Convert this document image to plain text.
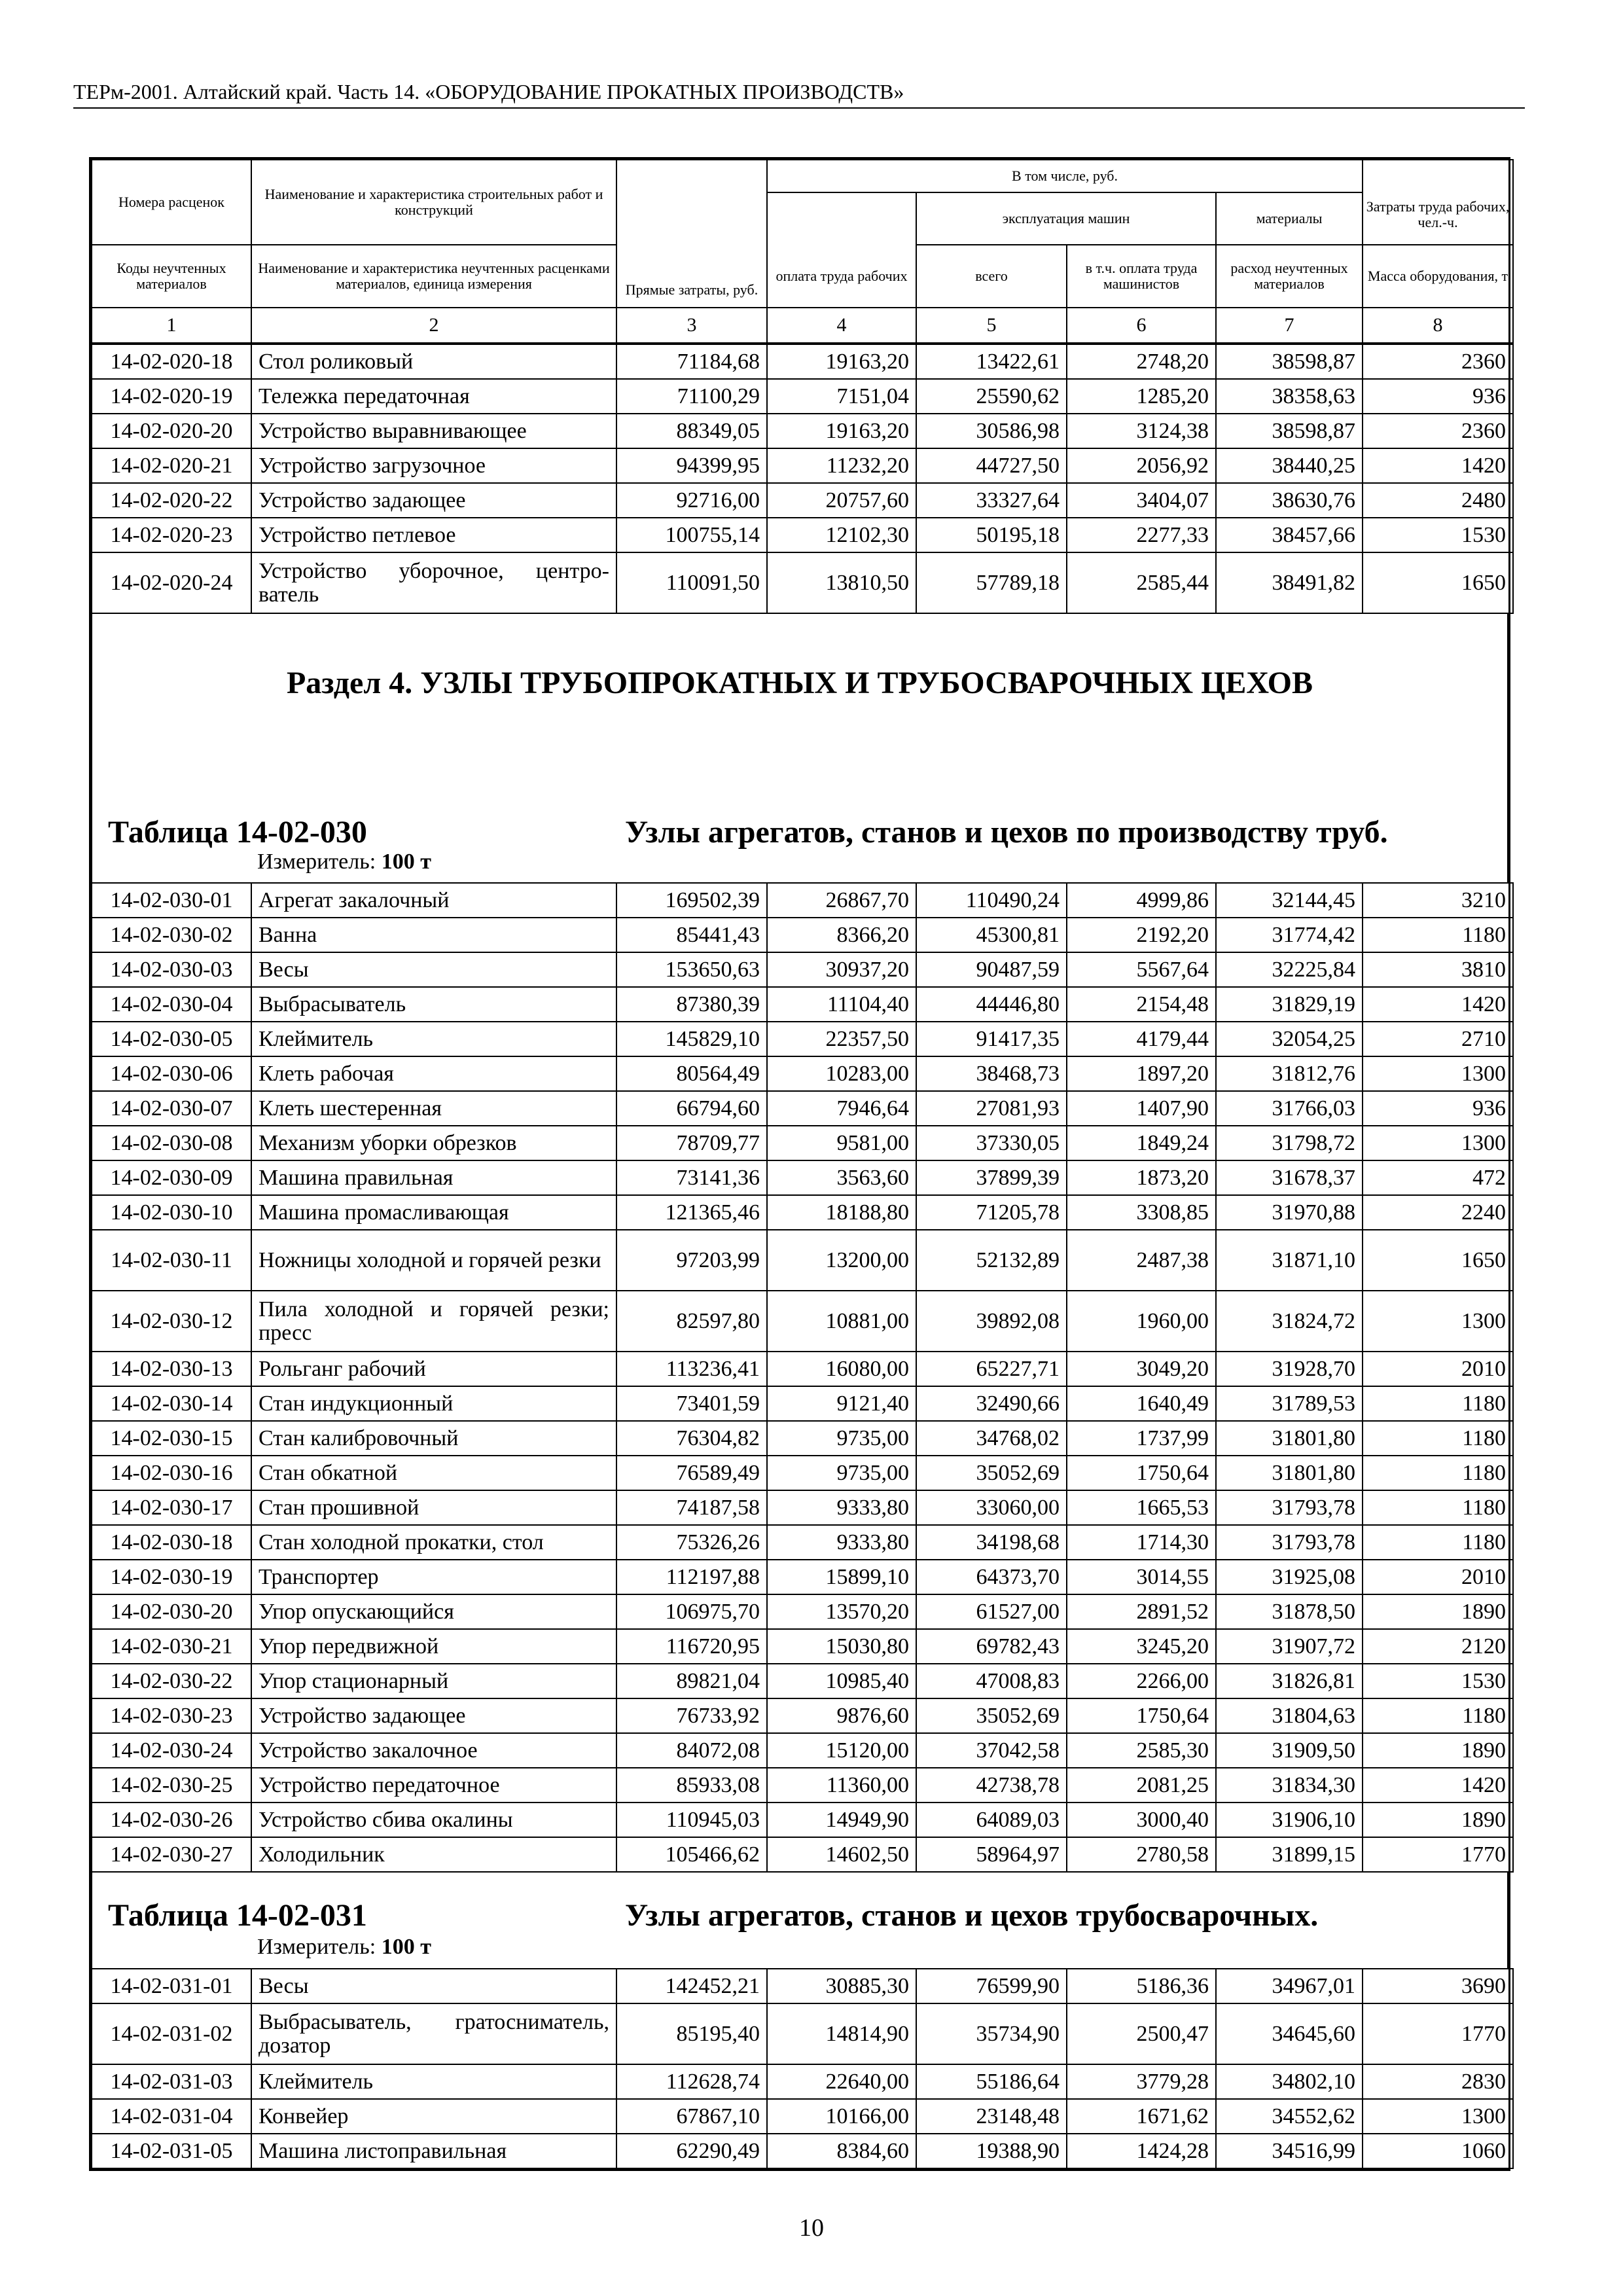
ТЕРм-2001. Алтайский край. Часть 14. «ОБОРУДОВАНИЕ ПРОКАТНЫХ ПРОИЗВОДСТВ»
Номера расценок	Наименование и характеристика строительных работ и конструкций	Прямые затраты, руб.	В том числе, руб.				Затраты труда рабочих, чел.-ч.
				эксплуатация машин		материалы	
Коды неучтенных материалов	Наименование и характеристика неучтенных расценками материалов, единица измерения		оплата труда рабочих	всего	в т.ч. оплата труда машинистов	расход неучтенных материалов	Масса оборудования, т
1	2	3	4	5	6	7	8
14-02-020-18	Стол роликовый	71184,68	19163,20	13422,61	2748,20	38598,87	2360
14-02-020-19	Тележка передаточная	71100,29	7151,04	25590,62	1285,20	38358,63	936
14-02-020-20	Устройство выравнивающее	88349,05	19163,20	30586,98	3124,38	38598,87	2360
14-02-020-21	Устройство загрузочное	94399,95	11232,20	44727,50	2056,92	38440,25	1420
14-02-020-22	Устройство задающее	92716,00	20757,60	33327,64	3404,07	38630,76	2480
14-02-020-23	Устройство петлевое	100755,14	12102,30	50195,18	2277,33	38457,66	1530
14-02-020-24	Устройство уборочное, центро-ватель	110091,50	13810,50	57789,18	2585,44	38491,82	1650
Раздел 4. УЗЛЫ ТРУБОПРОКАТНЫХ И ТРУБОСВАРОЧНЫХ ЦЕХОВ
Таблица 14-02-030	Узлы агрегатов, станов и цехов по производству труб.
Измеритель: 100 т
14-02-030-01	Агрегат закалочный	169502,39	26867,70	110490,24	4999,86	32144,45	3210
14-02-030-02	Ванна	85441,43	8366,20	45300,81	2192,20	31774,42	1180
14-02-030-03	Весы	153650,63	30937,20	90487,59	5567,64	32225,84	3810
14-02-030-04	Выбрасыватель	87380,39	11104,40	44446,80	2154,48	31829,19	1420
14-02-030-05	Клеймитель	145829,10	22357,50	91417,35	4179,44	32054,25	2710
14-02-030-06	Клеть рабочая	80564,49	10283,00	38468,73	1897,20	31812,76	1300
14-02-030-07	Клеть шестеренная	66794,60	7946,64	27081,93	1407,90	31766,03	936
14-02-030-08	Механизм уборки обрезков	78709,77	9581,00	37330,05	1849,24	31798,72	1300
14-02-030-09	Машина правильная	73141,36	3563,60	37899,39	1873,20	31678,37	472
14-02-030-10	Машина промасливающая	121365,46	18188,80	71205,78	3308,85	31970,88	2240
14-02-030-11	Ножницы холодной и горячей резки	97203,99	13200,00	52132,89	2487,38	31871,10	1650
14-02-030-12	Пила холодной и горячей резки; пресс	82597,80	10881,00	39892,08	1960,00	31824,72	1300
14-02-030-13	Рольганг рабочий	113236,41	16080,00	65227,71	3049,20	31928,70	2010
14-02-030-14	Стан индукционный	73401,59	9121,40	32490,66	1640,49	31789,53	1180
14-02-030-15	Стан калибровочный	76304,82	9735,00	34768,02	1737,99	31801,80	1180
14-02-030-16	Стан обкатной	76589,49	9735,00	35052,69	1750,64	31801,80	1180
14-02-030-17	Стан прошивной	74187,58	9333,80	33060,00	1665,53	31793,78	1180
14-02-030-18	Стан холодной прокатки, стол	75326,26	9333,80	34198,68	1714,30	31793,78	1180
14-02-030-19	Транспортер	112197,88	15899,10	64373,70	3014,55	31925,08	2010
14-02-030-20	Упор опускающийся	106975,70	13570,20	61527,00	2891,52	31878,50	1890
14-02-030-21	Упор передвижной	116720,95	15030,80	69782,43	3245,20	31907,72	2120
14-02-030-22	Упор стационарный	89821,04	10985,40	47008,83	2266,00	31826,81	1530
14-02-030-23	Устройство задающее	76733,92	9876,60	35052,69	1750,64	31804,63	1180
14-02-030-24	Устройство закалочное	84072,08	15120,00	37042,58	2585,30	31909,50	1890
14-02-030-25	Устройство передаточное	85933,08	11360,00	42738,78	2081,25	31834,30	1420
14-02-030-26	Устройство сбива окалины	110945,03	14949,90	64089,03	3000,40	31906,10	1890
14-02-030-27	Холодильник	105466,62	14602,50	58964,97	2780,58	31899,15	1770
Таблица 14-02-031	Узлы агрегатов, станов и цехов трубосварочных.
Измеритель: 100 т
14-02-031-01	Весы	142452,21	30885,30	76599,90	5186,36	34967,01	3690
14-02-031-02	Выбрасыватель, гратосниматель, дозатор	85195,40	14814,90	35734,90	2500,47	34645,60	1770
14-02-031-03	Клеймитель	112628,74	22640,00	55186,64	3779,28	34802,10	2830
14-02-031-04	Конвейер	67867,10	10166,00	23148,48	1671,62	34552,62	1300
14-02-031-05	Машина листоправильная	62290,49	8384,60	19388,90	1424,28	34516,99	1060
10
